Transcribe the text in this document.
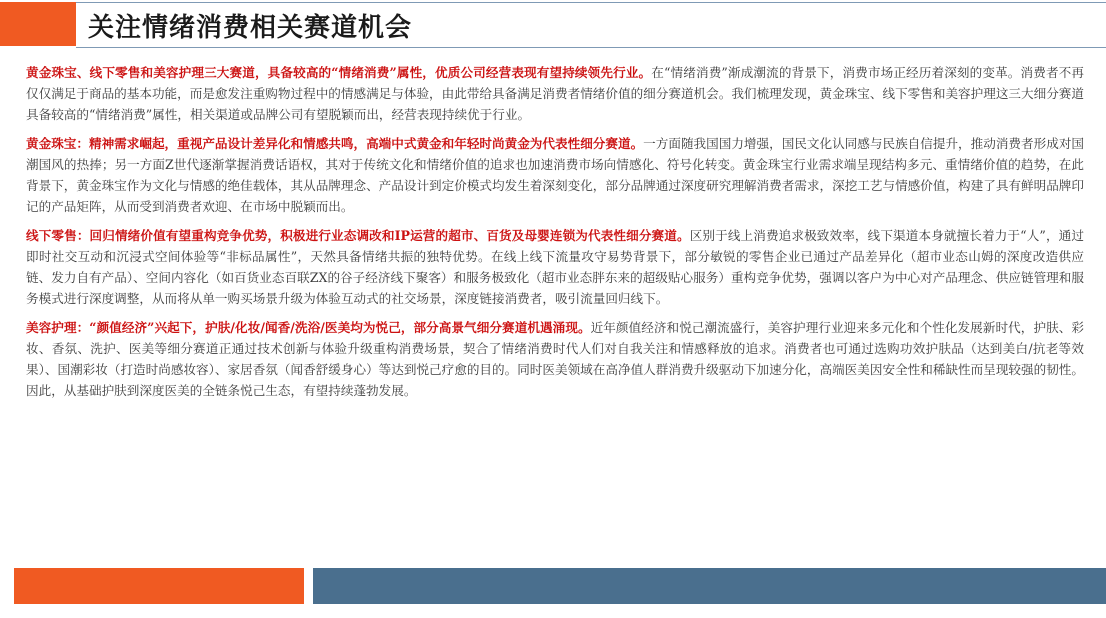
关注情绪消费相关赛道机会

黄金珠宝、线下零售和美容护理三大赛道，具备较高的“情绪消费”属性，优质公司经营表现有望持续领先行业。在“情绪消费”渐成潮流的背景下，消费市场正经历着深刻的变革。消费者不再仅仅满足于商品的基本功能，而是愈发注重购物过程中的情感满足与体验，由此带给具备满足消费者情绪价值的细分赛道机会。我们梳理发现，黄金珠宝、线下零售和美容护理这三大细分赛道具备较高的“情绪消费”属性，相关渠道或品牌公司有望脱颖而出，经营表现持续优于行业。

黄金珠宝：精神需求崛起，重视产品设计差异化和情感共鸣，高端中式黄金和年轻时尚黄金为代表性细分赛道。一方面随我国国力增强，国民文化认同感与民族自信提升，推动消费者形成对国潮国风的热捧；另一方面Z世代逐渐掌握消费话语权，其对于传统文化和情绪价值的追求也加速消费市场向情感化、符号化转变。黄金珠宝行业需求端呈现结构多元、重情绪价值的趋势，在此背景下，黄金珠宝作为文化与情感的绝佳载体，其从品牌理念、产品设计到定价模式均发生着深刻变化，部分品牌通过深度研究理解消费者需求，深挖工艺与情感价值，构建了具有鲜明品牌印记的产品矩阵，从而受到消费者欢迎、在市场中脱颖而出。

线下零售：回归情绪价值有望重构竞争优势，积极进行业态调改和IP运营的超市、百货及母婴连锁为代表性细分赛道。区别于线上消费追求极致效率，线下渠道本身就擅长着力于“人”，通过即时社交互动和沉浸式空间体验等“非标品属性”，天然具备情绪共振的独特优势。在线上线下流量攻守易势背景下，部分敏锐的零售企业已通过产品差异化（超市业态山姆的深度改造供应链、发力自有产品）、空间内容化（如百货业态百联ZX的谷子经济线下聚客）和服务极致化（超市业态胖东来的超级贴心服务）重构竞争优势，强调以客户为中心对产品理念、供应链管理和服务模式进行深度调整，从而将从单一购买场景升级为体验互动式的社交场景，深度链接消费者，吸引流量回归线下。

美容护理：“颜值经济”兴起下，护肤/化妆/闻香/洗浴/医美均为悦己，部分高景气细分赛道机遇涌现。近年颜值经济和悦己潮流盛行，美容护理行业迎来多元化和个性化发展新时代，护肤、彩妆、香氛、洗护、医美等细分赛道正通过技术创新与体验升级重构消费场景，契合了情绪消费时代人们对自我关注和情感释放的追求。消费者也可通过选购功效护肤品（达到美白/抗老等效果）、国潮彩妆（打造时尚感妆容）、家居香氛（闻香舒缓身心）等达到悦己疗愈的目的。同时医美领域在高净值人群消费升级驱动下加速分化，高端医美因安全性和稀缺性而呈现较强的韧性。因此，从基础护肤到深度医美的全链条悦己生态，有望持续蓬勃发展。
